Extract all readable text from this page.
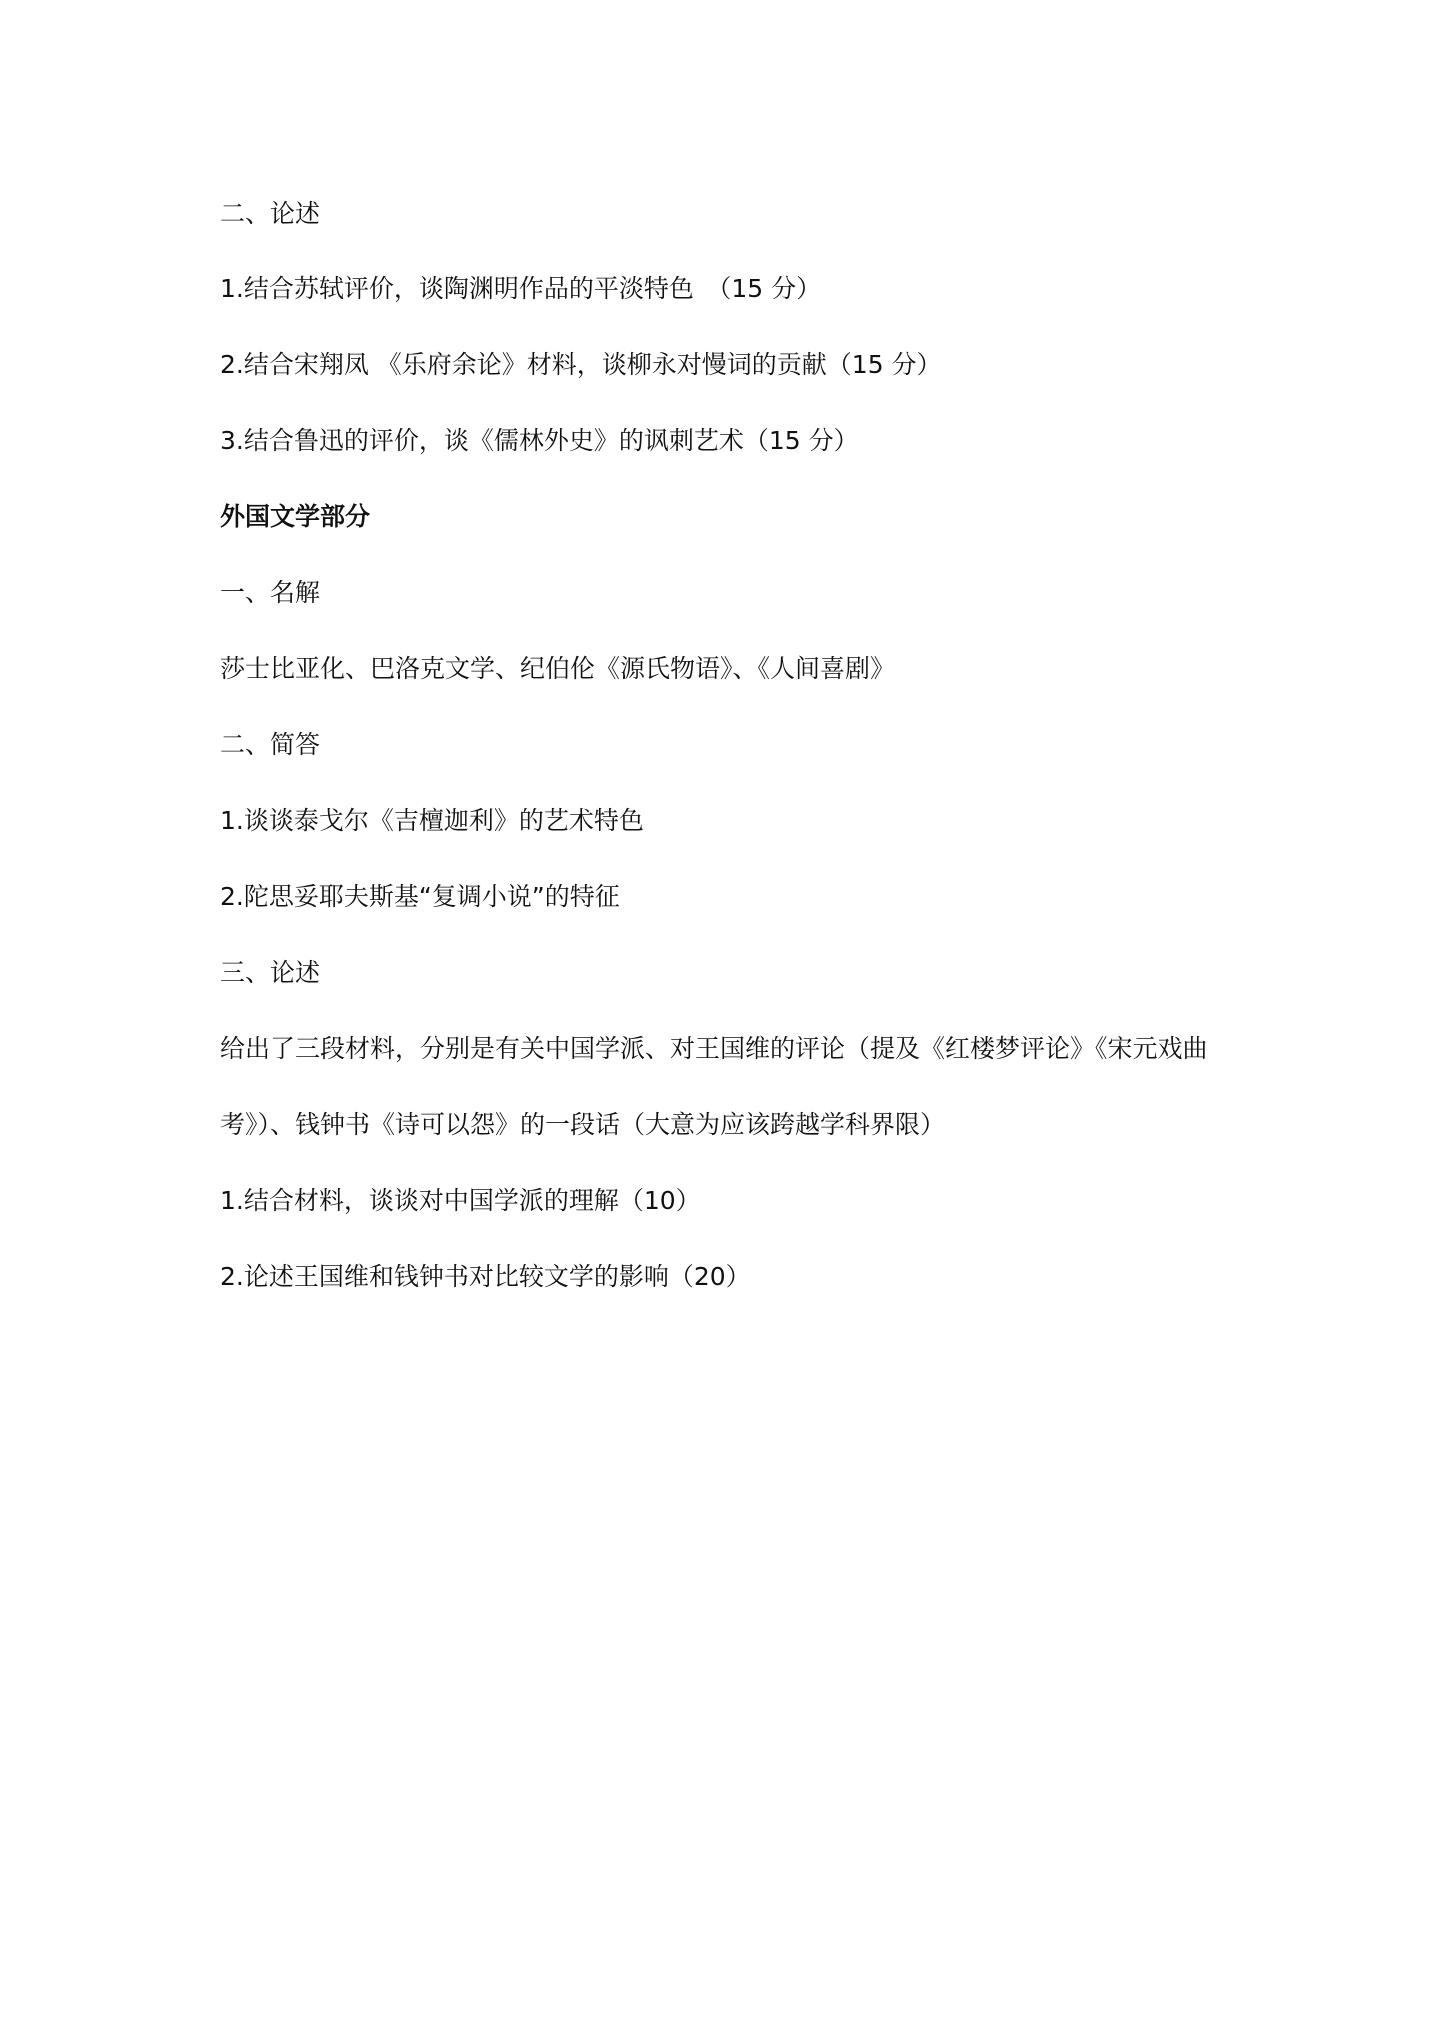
二、论述
1.结合苏轼评价，谈陶渊明作品的平淡特色　（15 分）
2.结合宋翔凤 《乐府余论》材料，谈柳永对慢词的贡献（15 分）
3.结合鲁迅的评价，谈《儒林外史》的讽刺艺术（15 分）
外国文学部分
一、名解
莎士比亚化、巴洛克文学、纪伯伦《源氏物语》、《人间喜剧》
二、简答
1.谈谈泰戈尔《吉檀迦利》的艺术特色
2.陀思妥耶夫斯基“复调小说”的特征
三、论述
给出了三段材料，分别是有关中国学派、对王国维的评论（提及《红楼梦评论》《宋元戏曲
考》）、钱钟书《诗可以怨》的一段话（大意为应该跨越学科界限）
1.结合材料，谈谈对中国学派的理解（10）
2.论述王国维和钱钟书对比较文学的影响（20）
